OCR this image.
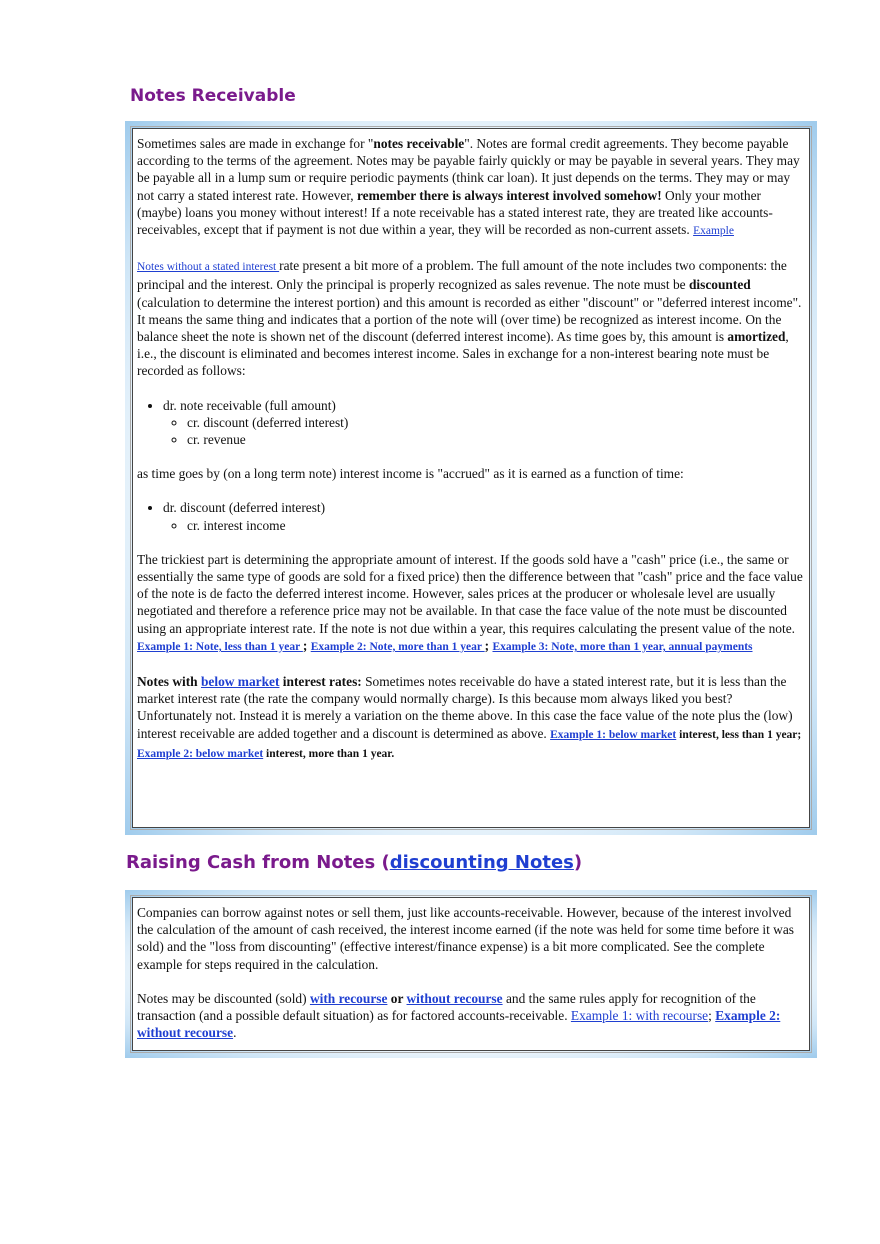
Notes Receivable

Sometimes sales are made in exchange for "notes receivable". Notes are formal credit agreements. They become payable according to the terms of the agreement. Notes may be payable fairly quickly or may be payable in several years. They may be payable all in a lump sum or require periodic payments (think car loan). It just depends on the terms. They may or may not carry a stated interest rate. However, remember there is always interest involved somehow! Only your mother (maybe) loans you money without interest! If a note receivable has a stated interest rate, they are treated like accounts-receivables, except that if payment is not due within a year, they will be recorded as non-current assets. Example

Notes without a stated interest rate present a bit more of a problem. The full amount of the note includes two components: the principal and the interest. Only the principal is properly recognized as sales revenue. The note must be discounted (calculation to determine the interest portion) and this amount is recorded as either "discount" or "deferred interest income". It means the same thing and indicates that a portion of the note will (over time) be recognized as interest income. On the balance sheet the note is shown net of the discount (deferred interest income). As time goes by, this amount is amortized, i.e., the discount is eliminated and becomes interest income. Sales in exchange for a non-interest bearing note must be recorded as follows:

• dr. note receivable (full amount)
◦ cr. discount (deferred interest)
◦ cr. revenue

as time goes by (on a long term note) interest income is "accrued" as it is earned as a function of time:

• dr. discount (deferred interest)
◦ cr. interest income

The trickiest part is determining the appropriate amount of interest. If the goods sold have a "cash" price (i.e., the same or essentially the same type of goods are sold for a fixed price) then the difference between that "cash" price and the face value of the note is de facto the deferred interest income. However, sales prices at the producer or wholesale level are usually negotiated and therefore a reference price may not be available. In that case the face value of the note must be discounted using an appropriate interest rate. If the note is not due within a year, this requires calculating the present value of the note. Example 1: Note, less than 1 year ; Example 2: Note, more than 1 year ; Example 3: Note, more than 1 year, annual payments

Notes with below market interest rates: Sometimes notes receivable do have a stated interest rate, but it is less than the market interest rate (the rate the company would normally charge). Is this because mom always liked you best? Unfortunately not. Instead it is merely a variation on the theme above. In this case the face value of the note plus the (low) interest receivable are added together and a discount is determined as above. Example 1: below market interest, less than 1 year; Example 2: below market interest, more than 1 year.

Raising Cash from Notes (discounting Notes)

Companies can borrow against notes or sell them, just like accounts-receivable. However, because of the interest involved the calculation of the amount of cash received, the interest income earned (if the note was held for some time before it was sold) and the "loss from discounting" (effective interest/finance expense) is a bit more complicated. See the complete example for steps required in the calculation.

Notes may be discounted (sold) with recourse or without recourse and the same rules apply for recognition of the transaction (and a possible default situation) as for factored accounts-receivable. Example 1: with recourse; Example 2: without recourse.
